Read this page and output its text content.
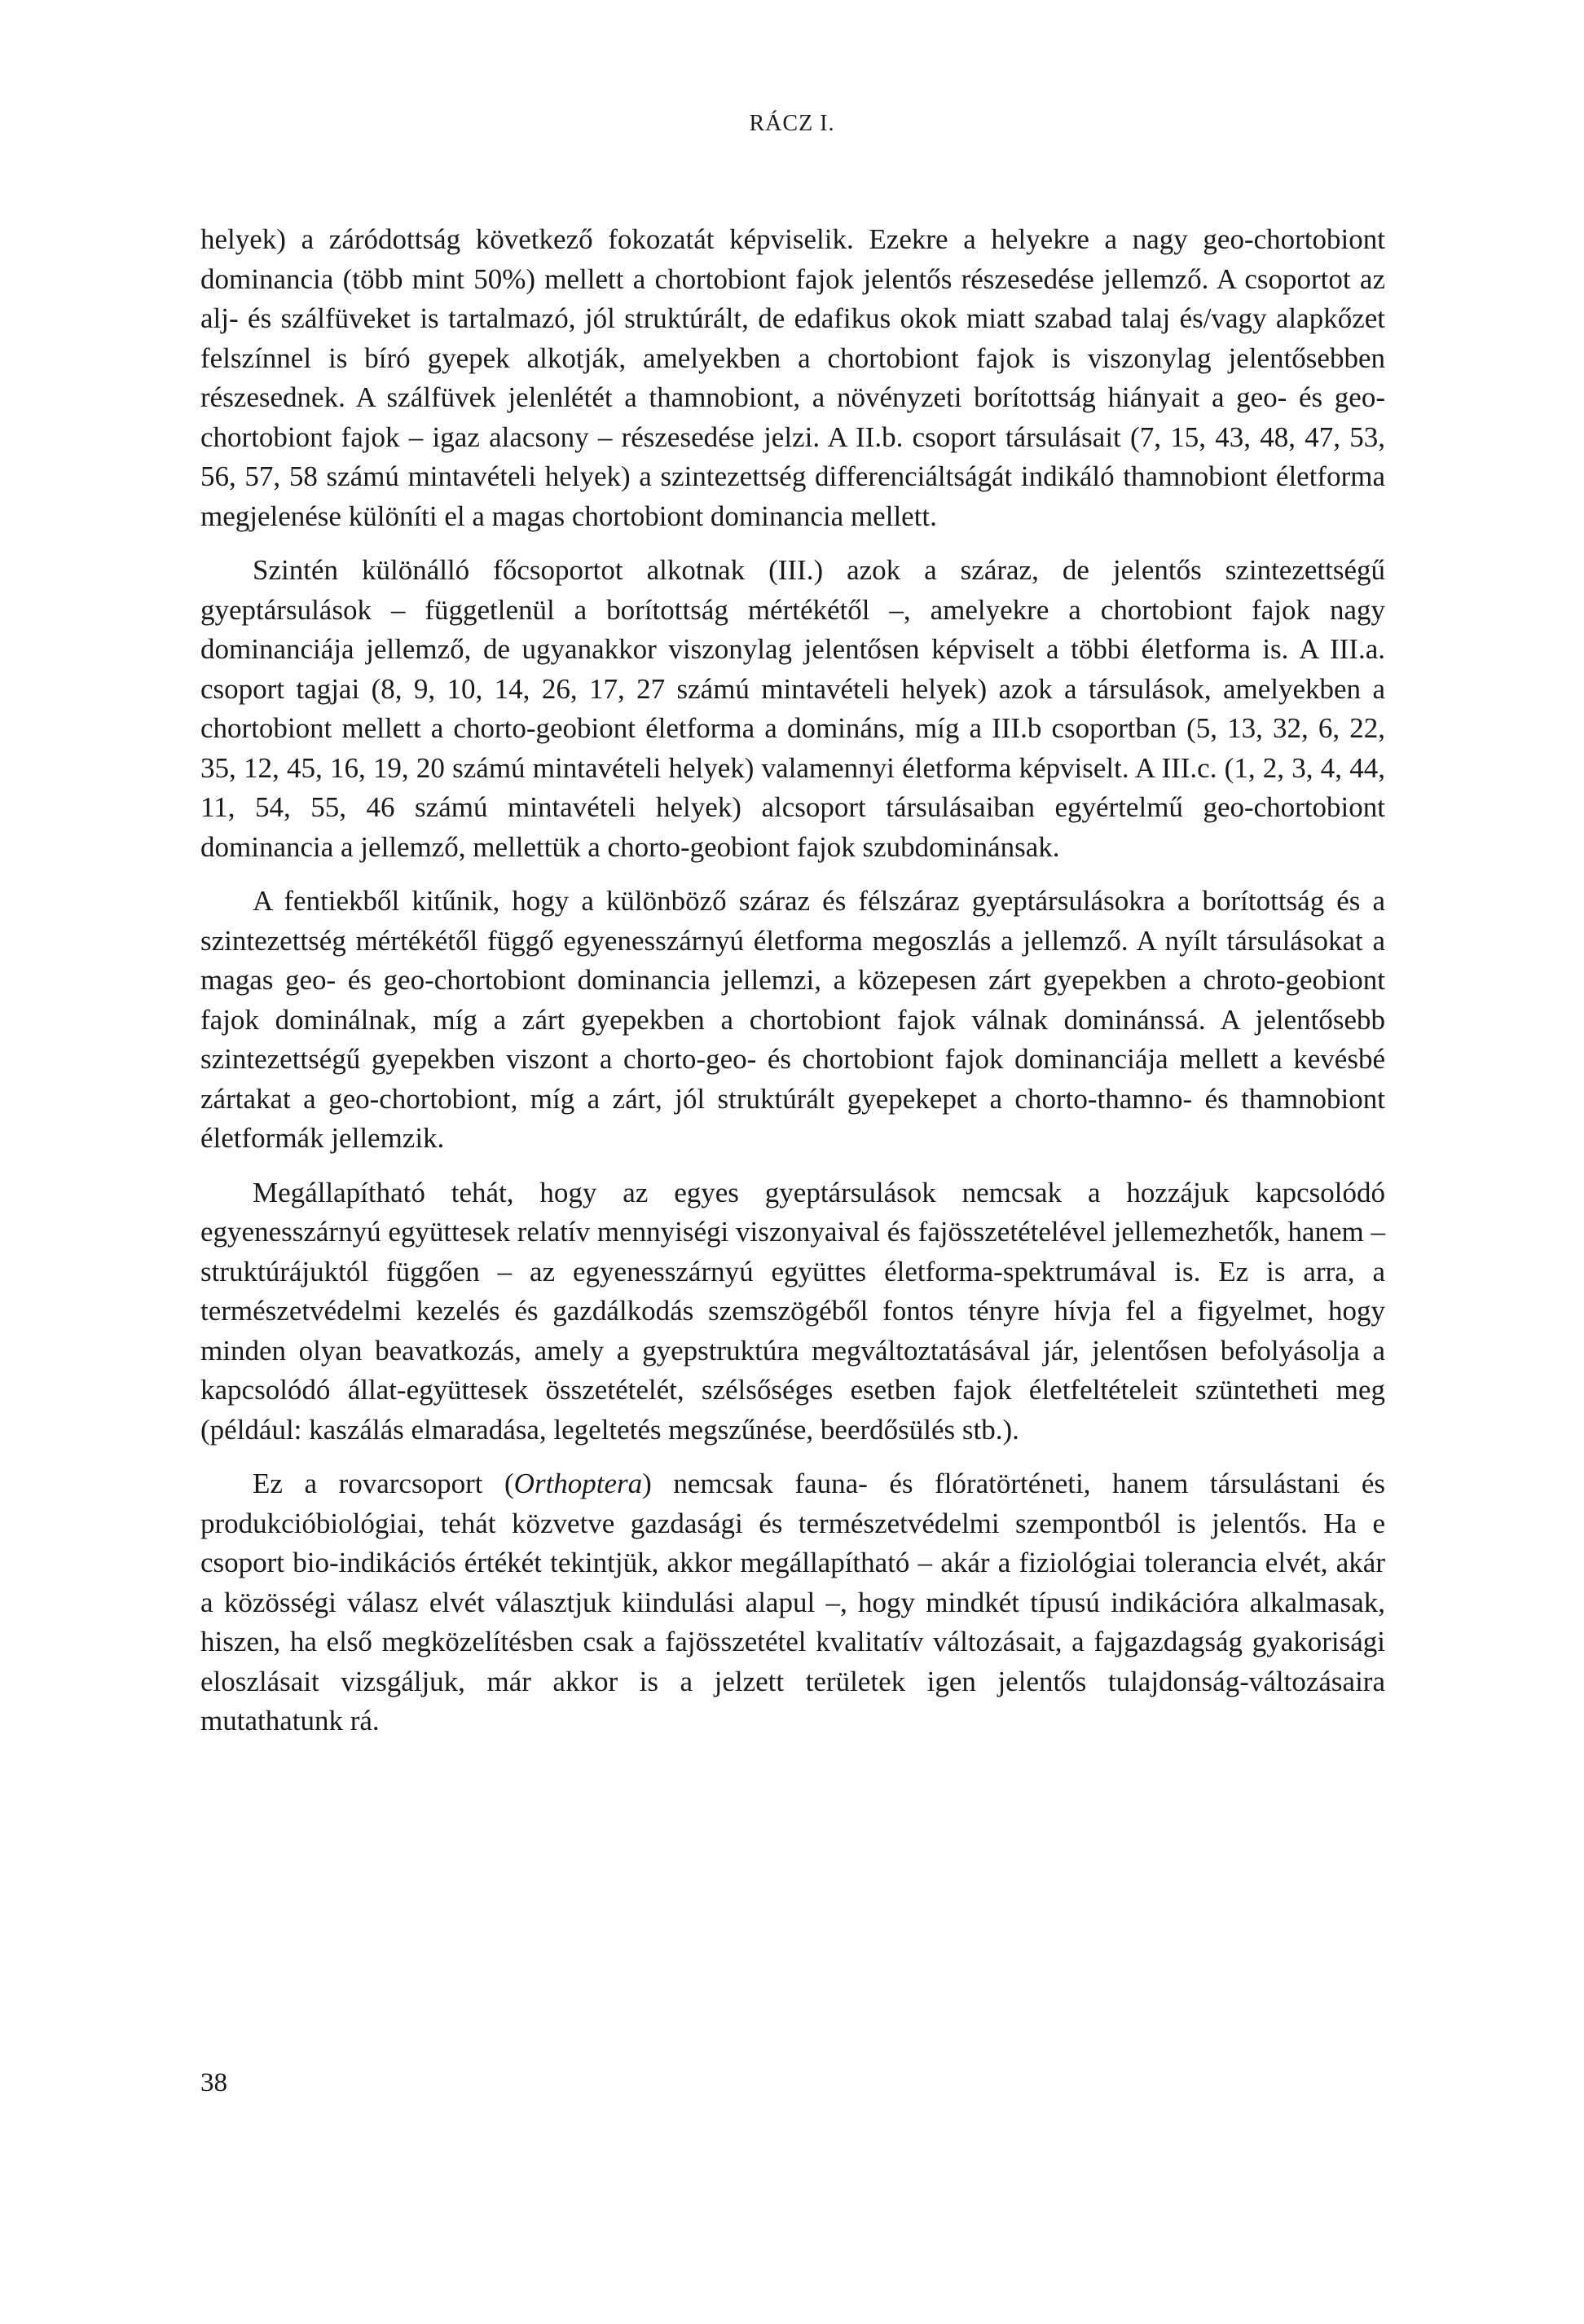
RÁCZ I.

helyek) a záródottság következő fokozatát képviselik. Ezekre a helyekre a nagy geo-chortobiont dominancia (több mint 50%) mellett a chortobiont fajok jelentős részesedése jellemző. A csoportot az alj- és szálfüveket is tartalmazó, jól struktúrált, de edafikus okok miatt szabad talaj és/vagy alapkőzet felszínnel is bíró gyepek alkotják, amelyekben a chortobiont fajok is viszonylag jelentősebben részesednek. A szálfüvek jelenlétét a thamnobiont, a növényzeti borítottság hiányait a geo- és geo-chortobiont fajok – igaz alacsony – részesedése jelzi. A II.b. csoport társulásait (7, 15, 43, 48, 47, 53, 56, 57, 58 számú mintavételi helyek) a szintezettség differenciáltságát indikáló thamnobiont életforma megjelenése különíti el a magas chortobiont dominancia mellett.

Szintén különálló főcsoportot alkotnak (III.) azok a száraz, de jelentős szintezettségű gyeptársulások – függetlenül a borítottság mértékétől –, amelyekre a chortobiont fajok nagy dominanciája jellemző, de ugyanakkor viszonylag jelentősen képviselt a többi életforma is. A III.a. csoport tagjai (8, 9, 10, 14, 26, 17, 27 számú mintavételi helyek) azok a társulások, amelyekben a chortobiont mellett a chorto-geobiont életforma a domináns, míg a III.b csoportban (5, 13, 32, 6, 22, 35, 12, 45, 16, 19, 20 számú mintavételi helyek) valamennyi életforma képviselt. A III.c. (1, 2, 3, 4, 44, 11, 54, 55, 46 számú mintavételi helyek) alcsoport társulásaiban egyértelmű geo-chortobiont dominancia a jellemző, mellettük a chorto-geobiont fajok szubdominánsak.

A fentiekből kitűnik, hogy a különböző száraz és félszáraz gyeptársulásokra a borítottság és a szintezettség mértékétől függő egyenesszárnyú életforma megoszlás a jellemző. A nyílt társulásokat a magas geo- és geo-chortobiont dominancia jellemzi, a közepesen zárt gyepekben a chroto-geobiont fajok dominálnak, míg a zárt gyepekben a chortobiont fajok válnak dominánssá. A jelentősebb szintezettségű gyepekben viszont a chorto-geo- és chortobiont fajok dominanciája mellett a kevésbé zártakat a geo-chortobiont, míg a zárt, jól struktúrált gyepekepet a chorto-thamno- és thamnobiont életformák jellemzik.

Megállapítható tehát, hogy az egyes gyeptársulások nemcsak a hozzájuk kapcsolódó egyenesszárnyú együttesek relatív mennyiségi viszonyaival és fajösszetételével jellemezhetők, hanem – struktúrájuktól függően – az egyenesszárnyú együttes életforma-spektrumával is. Ez is arra, a természetvédelmi kezelés és gazdálkodás szemszögéből fontos tényre hívja fel a figyelmet, hogy minden olyan beavatkozás, amely a gyepstruktúra megváltoztatásával jár, jelentősen befolyásolja a kapcsolódó állat-együttesek összetételét, szélsőséges esetben fajok életfeltételeit szüntetheti meg (például: kaszálás elmaradása, legeltetés megszűnése, beerdősülés stb.).

Ez a rovarcsoport (Orthoptera) nemcsak fauna- és flóratörténeti, hanem társulástani és produkcióbiológiai, tehát közvetve gazdasági és természetvédelmi szempontból is jelentős. Ha e csoport bio-indikációs értékét tekintjük, akkor megállapítható – akár a fiziológiai tolerancia elvét, akár a közösségi válasz elvét választjuk kiindulási alapul –, hogy mindkét típusú indikációra alkalmasak, hiszen, ha első megközelítésben csak a fajösszetétel kvalitatív változásait, a fajgazdagság gyakorisági eloszlásait vizsgáljuk, már akkor is a jelzett területek igen jelentős tulajdonság-változásaira mutathatunk rá.

38
